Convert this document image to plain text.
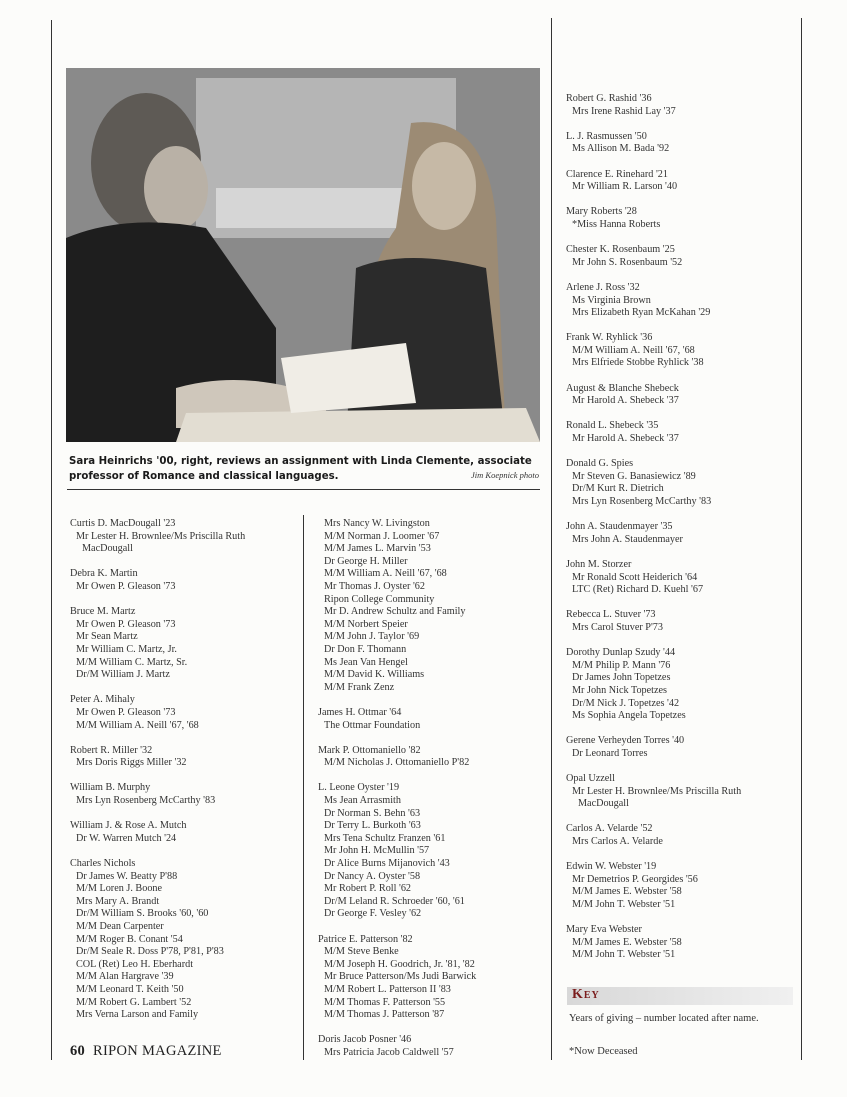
Sara Heinrichs '00, right, reviews an assignment with Linda Clemente, associate professor of Romance and classical languages.	Jim Koepnick photo
Curtis D. MacDougall '23
Mr Lester H. Brownlee/Ms Priscilla Ruth
MacDougall
Debra K. Martin
Mr Owen P. Gleason '73
Bruce M. Martz
Mr Owen P. Gleason '73
Mr Sean Martz
Mr William C. Martz, Jr.
M/M William C. Martz, Sr.
Dr/M William J. Martz
Peter A. Mihaly
Mr Owen P. Gleason '73
M/M William A. Neill '67, '68
Robert R. Miller '32
Mrs Doris Riggs Miller '32
William B. Murphy
Mrs Lyn Rosenberg McCarthy '83
William J. & Rose A. Mutch
Dr W. Warren Mutch '24
Charles Nichols
Dr James W. Beatty P'88
M/M Loren J. Boone
Mrs Mary A. Brandt
Dr/M William S. Brooks '60, '60
M/M Dean Carpenter
M/M Roger B. Conant '54
Dr/M Seale R. Doss P'78, P'81, P'83
COL (Ret) Leo H. Eberhardt
M/M Alan Hargrave '39
M/M Leonard T. Keith '50
M/M Robert G. Lambert '52
Mrs Verna Larson and Family
Mrs Nancy W. Livingston
M/M Norman J. Loomer '67
M/M James L. Marvin '53
Dr George H. Miller
M/M William A. Neill '67, '68
Mr Thomas J. Oyster '62
Ripon College Community
Mr D. Andrew Schultz and Family
M/M Norbert Speier
M/M John J. Taylor '69
Dr Don F. Thomann
Ms Jean Van Hengel
M/M David K. Williams
M/M Frank Zenz
James H. Ottmar '64
The Ottmar Foundation
Mark P. Ottomaniello '82
M/M Nicholas J. Ottomaniello P'82
L. Leone Oyster '19
Ms Jean Arrasmith
Dr Norman S. Behn '63
Dr Terry L. Burkoth '63
Mrs Tena Schultz Franzen '61
Mr John H. McMullin '57
Dr Alice Burns Mijanovich '43
Dr Nancy A. Oyster '58
Mr Robert P. Roll '62
Dr/M Leland R. Schroeder '60, '61
Dr George F. Vesley '62
Patrice E. Patterson '82
M/M Steve Benke
M/M Joseph H. Goodrich, Jr. '81, '82
Mr Bruce Patterson/Ms Judi Barwick
M/M Robert L. Patterson II '83
M/M Thomas F. Patterson '55
M/M Thomas J. Patterson '87
Doris Jacob Posner '46
Mrs Patricia Jacob Caldwell '57
Robert G. Rashid '36
Mrs Irene Rashid Lay '37
L. J. Rasmussen '50
Ms Allison M. Bada '92
Clarence E. Rinehard '21
Mr William R. Larson '40
Mary Roberts '28
*Miss Hanna Roberts
Chester K. Rosenbaum '25
Mr John S. Rosenbaum '52
Arlene J. Ross '32
Ms Virginia Brown
Mrs Elizabeth Ryan McKahan '29
Frank W. Ryhlick '36
M/M William A. Neill '67, '68
Mrs Elfriede Stobbe Ryhlick '38
August & Blanche Shebeck
Mr Harold A. Shebeck '37
Ronald L. Shebeck '35
Mr Harold A. Shebeck '37
Donald G. Spies
Mr Steven G. Banasiewicz '89
Dr/M Kurt R. Dietrich
Mrs Lyn Rosenberg McCarthy '83
John A. Staudenmayer '35
Mrs John A. Staudenmayer
John M. Storzer
Mr Ronald Scott Heiderich '64
LTC (Ret) Richard D. Kuehl '67
Rebecca L. Stuver '73
Mrs Carol Stuver P'73
Dorothy Dunlap Szudy '44
M/M Philip P. Mann '76
Dr James John Topetzes
Mr John Nick Topetzes
Dr/M Nick J. Topetzes '42
Ms Sophia Angela Topetzes
Gerene Verheyden Torres '40
Dr Leonard Torres
Opal Uzzell
Mr Lester H. Brownlee/Ms Priscilla Ruth
MacDougall
Carlos A. Velarde '52
Mrs Carlos A. Velarde
Edwin W. Webster '19
Mr Demetrios P. Georgides '56
M/M James E. Webster '58
M/M John T. Webster '51
Mary Eva Webster
M/M James E. Webster '58
M/M John T. Webster '51
Key
Years of giving – number located after name.
*Now Deceased
60 RIPON MAGAZINE
